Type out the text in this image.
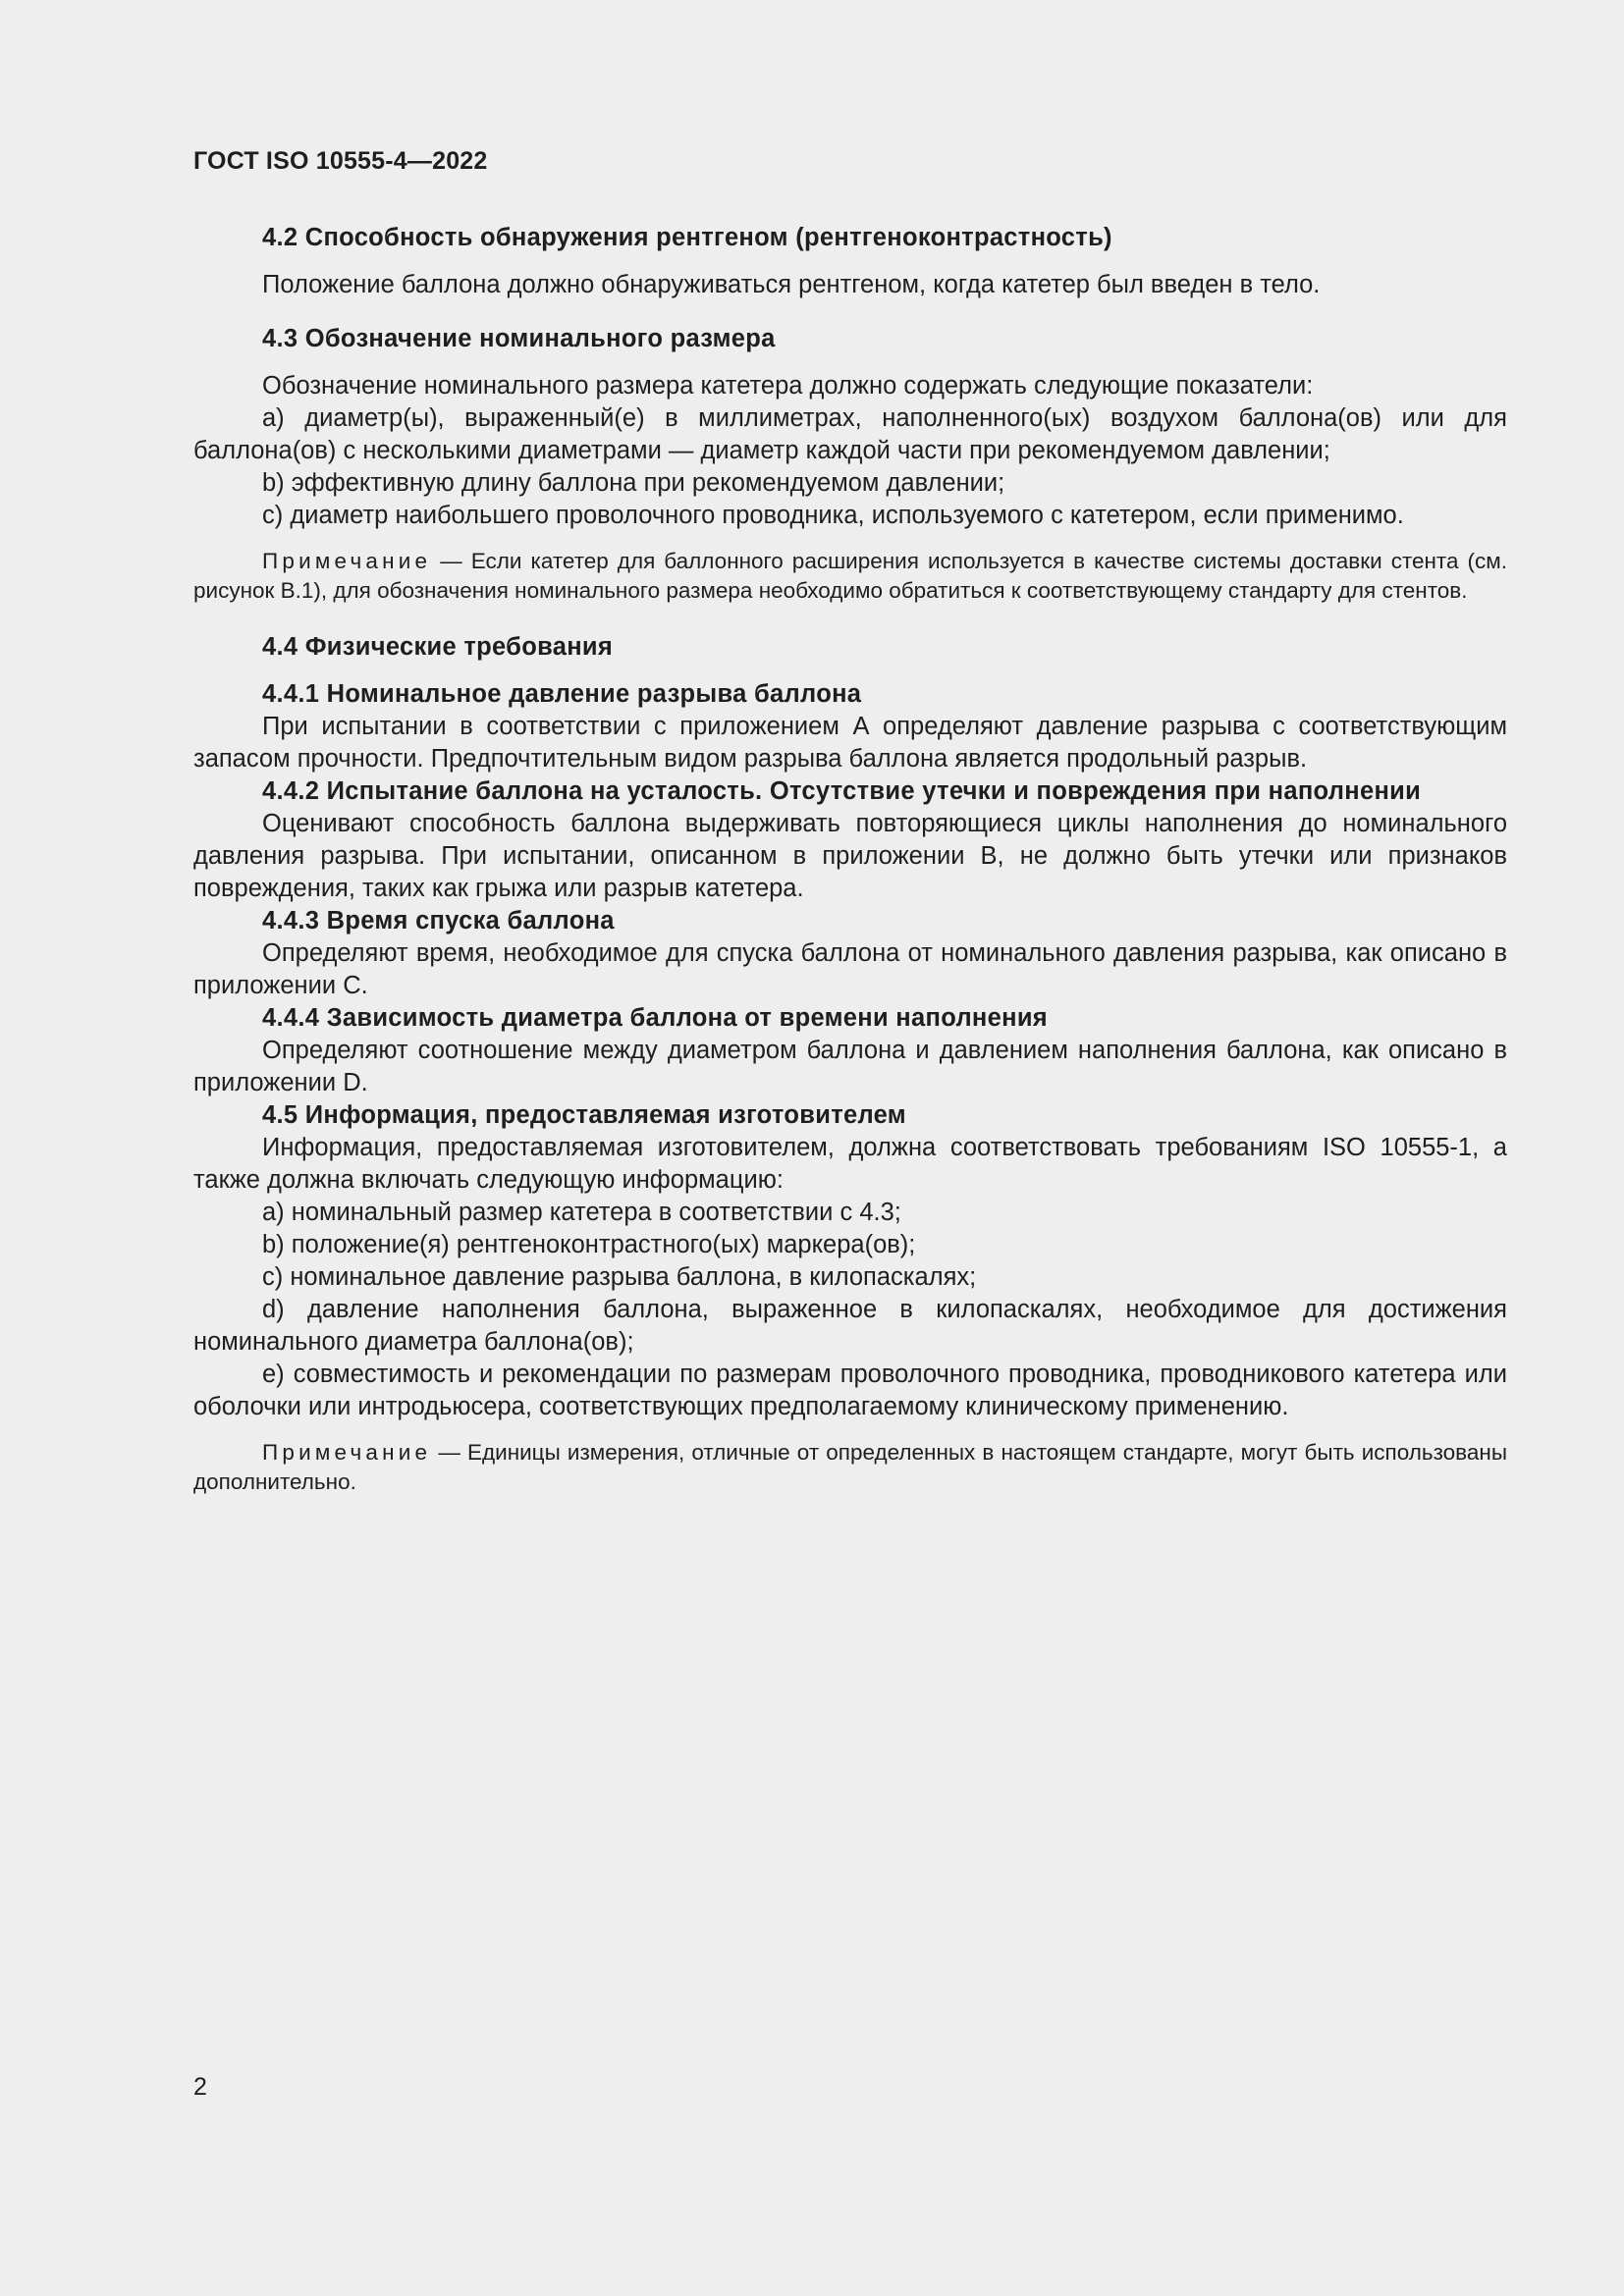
ГОСТ ISO 10555-4—2022
4.2 Способность обнаружения рентгеном (рентгеноконтрастность)
Положение баллона должно обнаруживаться рентгеном, когда катетер был введен в тело.
4.3 Обозначение номинального размера
Обозначение номинального размера катетера должно содержать следующие показатели:
а) диаметр(ы), выраженный(е) в миллиметрах, наполненного(ых) воздухом баллона(ов) или для баллона(ов) с несколькими диаметрами — диаметр каждой части при рекомендуемом давлении;
b) эффективную длину баллона при рекомендуемом давлении;
с) диаметр наибольшего проволочного проводника, используемого с катетером, если применимо.
Примечание — Если катетер для баллонного расширения используется в качестве системы доставки стента (см. рисунок В.1), для обозначения номинального размера необходимо обратиться к соответствующему стандарту для стентов.
4.4 Физические требования
4.4.1 Номинальное давление разрыва баллона
При испытании в соответствии с приложением А определяют давление разрыва с соответствующим запасом прочности. Предпочтительным видом разрыва баллона является продольный разрыв.
4.4.2 Испытание баллона на усталость. Отсутствие утечки и повреждения при наполнении
Оценивают способность баллона выдерживать повторяющиеся циклы наполнения до номинального давления разрыва. При испытании, описанном в приложении В, не должно быть утечки или признаков повреждения, таких как грыжа или разрыв катетера.
4.4.3 Время спуска баллона
Определяют время, необходимое для спуска баллона от номинального давления разрыва, как описано в приложении С.
4.4.4 Зависимость диаметра баллона от времени наполнения
Определяют соотношение между диаметром баллона и давлением наполнения баллона, как описано в приложении D.
4.5 Информация, предоставляемая изготовителем
Информация, предоставляемая изготовителем, должна соответствовать требованиям ISO 10555-1, а также должна включать следующую информацию:
а) номинальный размер катетера в соответствии с 4.3;
b) положение(я) рентгеноконтрастного(ых) маркера(ов);
с) номинальное давление разрыва баллона, в килопаскалях;
d) давление наполнения баллона, выраженное в килопаскалях, необходимое для достижения номинального диаметра баллона(ов);
е) совместимость и рекомендации по размерам проволочного проводника, проводникового катетера или оболочки или интродьюсера, соответствующих предполагаемому клиническому применению.
Примечание — Единицы измерения, отличные от определенных в настоящем стандарте, могут быть использованы дополнительно.
2
